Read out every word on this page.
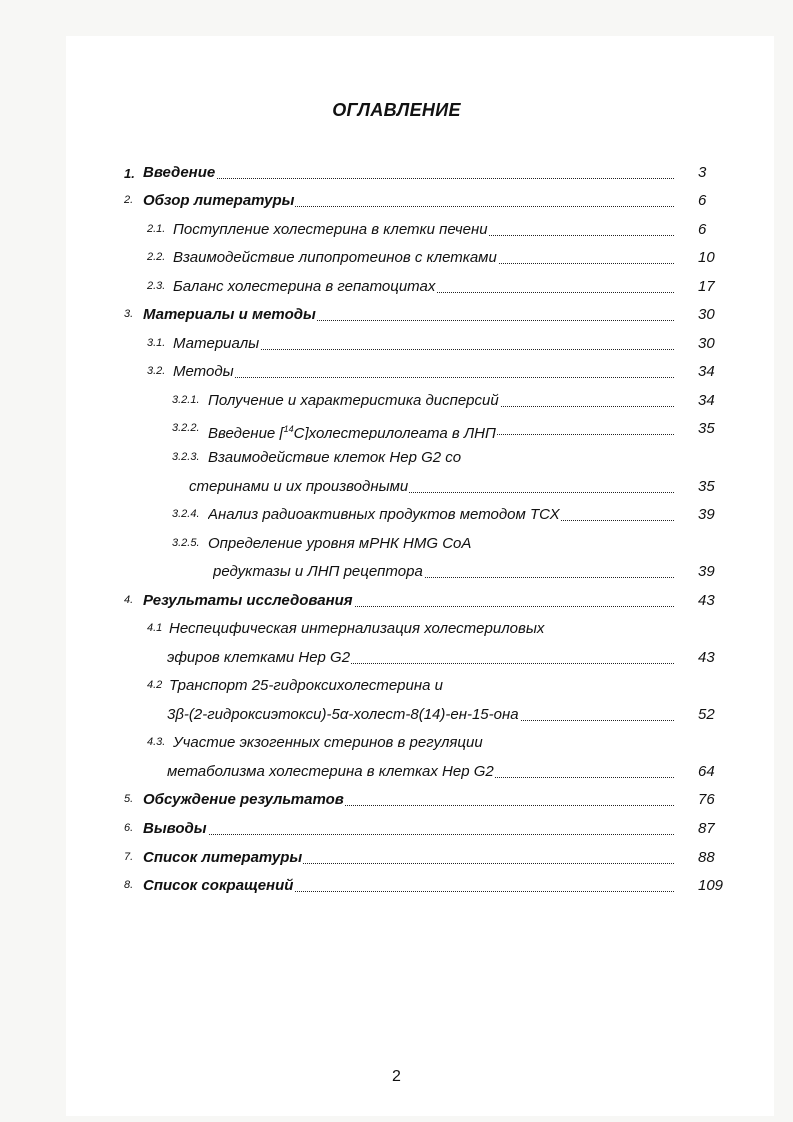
ОГЛАВЛЕНИЕ
1. Введение	3
2. Обзор литературы	6
2.1. Поступление холестерина в клетки печени	6
2.2. Взаимодействие липопротеинов с клетками	10
2.3. Баланс холестерина в гепатоцитах	17
3. Материалы и методы	30
3.1. Материалы	30
3.2. Методы	34
3.2.1. Получение и характеристика дисперсий	34
3.2.2. Введение [$^{14}$C]холестерилолеата в ЛНП	35
3.2.3. Взаимодействие клеток Hep G2 со
стеринами и их производными	35
3.2.4. Анализ радиоактивных продуктов методом ТСХ	39
3.2.5. Определение уровня мРНК HMG CoA
редуктазы и ЛНП рецептора	39
4. Результаты исследования	43
4.1 Неспецифическая интернализация холестериловых
эфиров клетками Hep G2	43
4.2 Транспорт 25-гидроксихолестерина и
3β-(2-гидроксиэтокси)-5α-холест-8(14)-ен-15-она	52
4.3. Участие экзогенных стеринов в регуляции
метаболизма холестерина в клетках Hep G2	64
5. Обсуждение результатов	76
6. Выводы	87
7. Список литературы	88
8. Список сокращений	109
2
